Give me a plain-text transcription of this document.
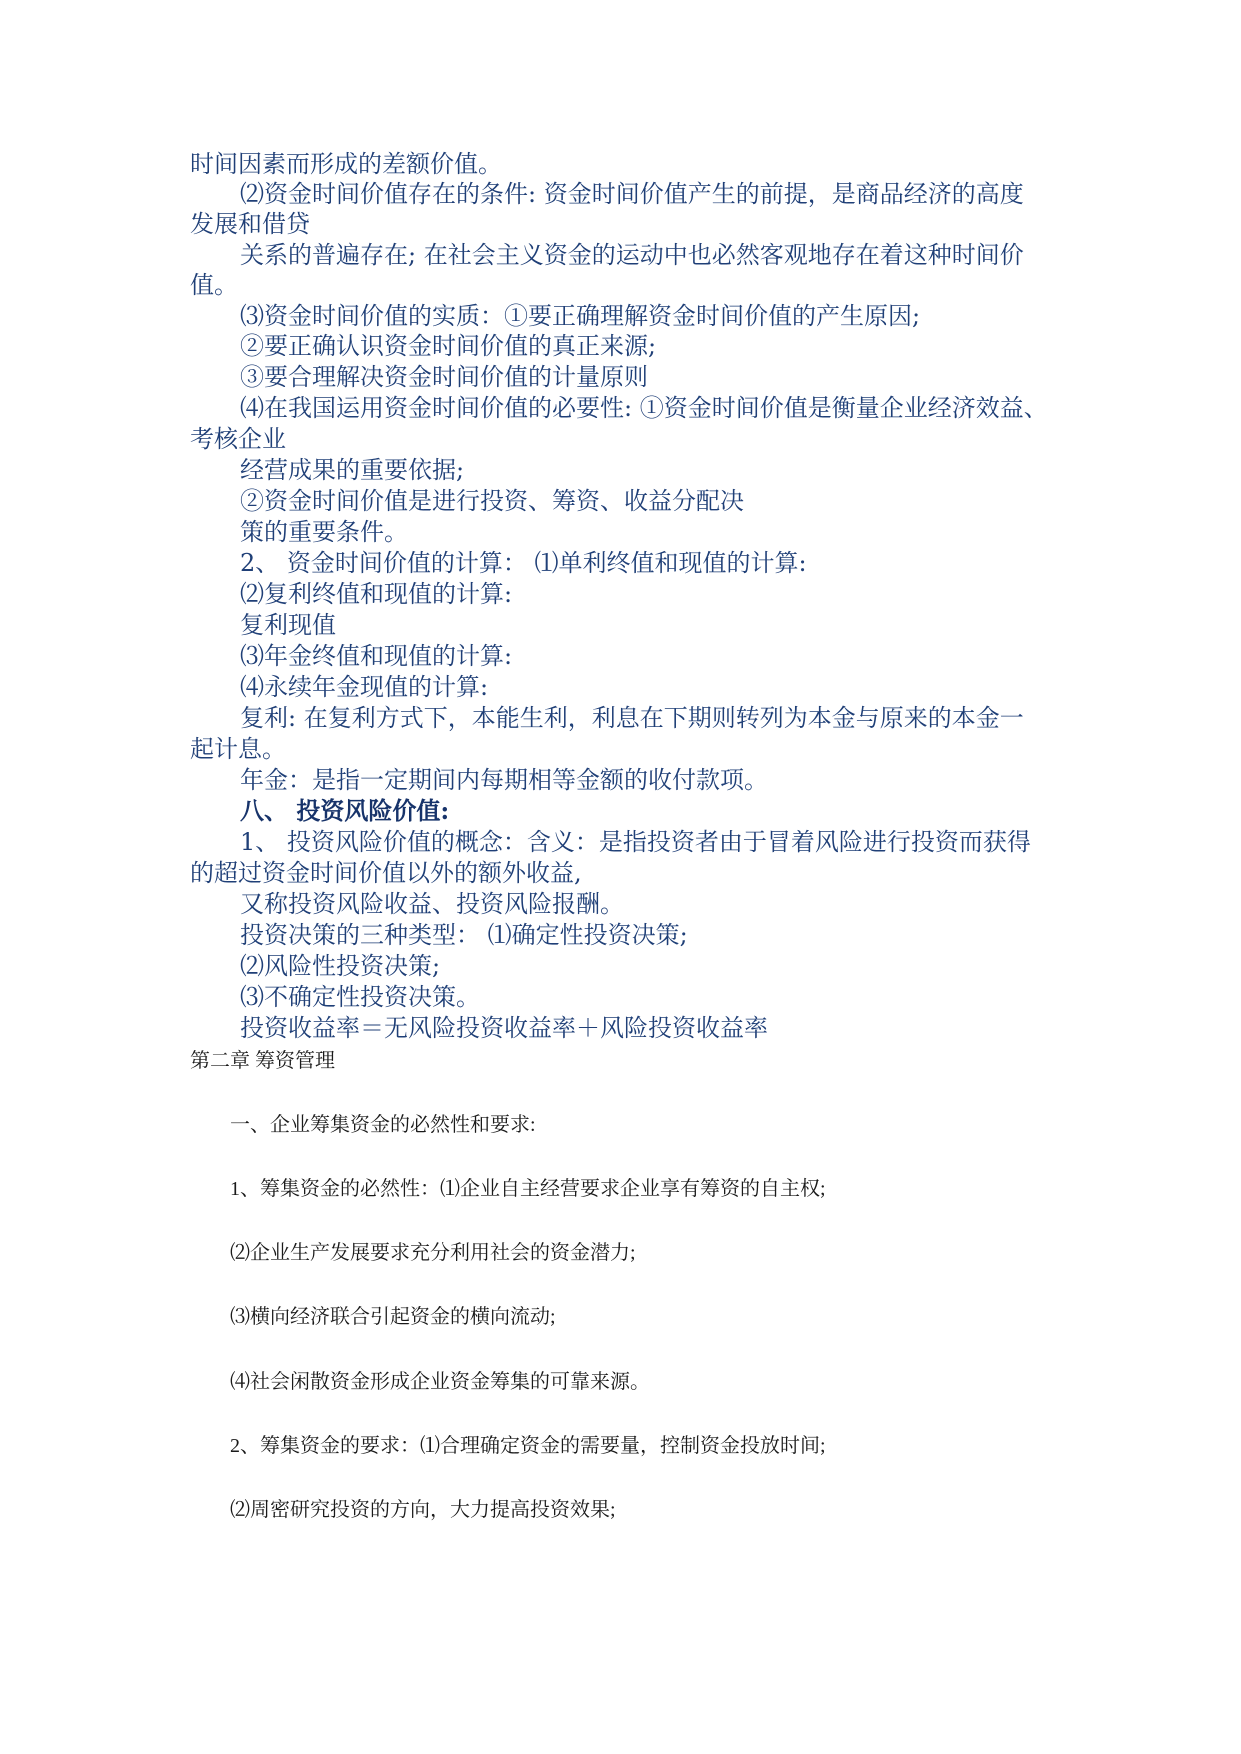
时间因素而形成的差额价值。
⑵资金时间价值存在的条件: 资金时间价值产生的前提，是商品经济的高度
发展和借贷
关系的普遍存在; 在社会主义资金的运动中也必然客观地存在着这种时间价
值。
⑶资金时间价值的实质：①要正确理解资金时间价值的产生原因;
②要正确认识资金时间价值的真正来源;
③要合理解决资金时间价值的计量原则
⑷在我国运用资金时间价值的必要性: ①资金时间价值是衡量企业经济效益、
考核企业
经营成果的重要依据;
②资金时间价值是进行投资、筹资、收益分配决
策的重要条件。
2、 资金时间价值的计算： ⑴单利终值和现值的计算:
⑵复利终值和现值的计算:
复利现值
⑶年金终值和现值的计算:
⑷永续年金现值的计算:
复利: 在复利方式下，本能生利，利息在下期则转列为本金与原来的本金一
起计息。
年金：是指一定期间内每期相等金额的收付款项。
八、 投资风险价值:
1、 投资风险价值的概念：含义：是指投资者由于冒着风险进行投资而获得
的超过资金时间价值以外的额外收益,
又称投资风险收益、投资风险报酬。
投资决策的三种类型： ⑴确定性投资决策;
⑵风险性投资决策;
⑶不确定性投资决策。
投资收益率＝无风险投资收益率＋风险投资收益率
第二章 筹资管理
一、企业筹集资金的必然性和要求:
1、筹集资金的必然性：⑴企业自主经营要求企业享有筹资的自主权;
⑵企业生产发展要求充分利用社会的资金潜力;
⑶横向经济联合引起资金的横向流动;
⑷社会闲散资金形成企业资金筹集的可靠来源。
2、筹集资金的要求：⑴合理确定资金的需要量，控制资金投放时间;
⑵周密研究投资的方向，大力提高投资效果;
